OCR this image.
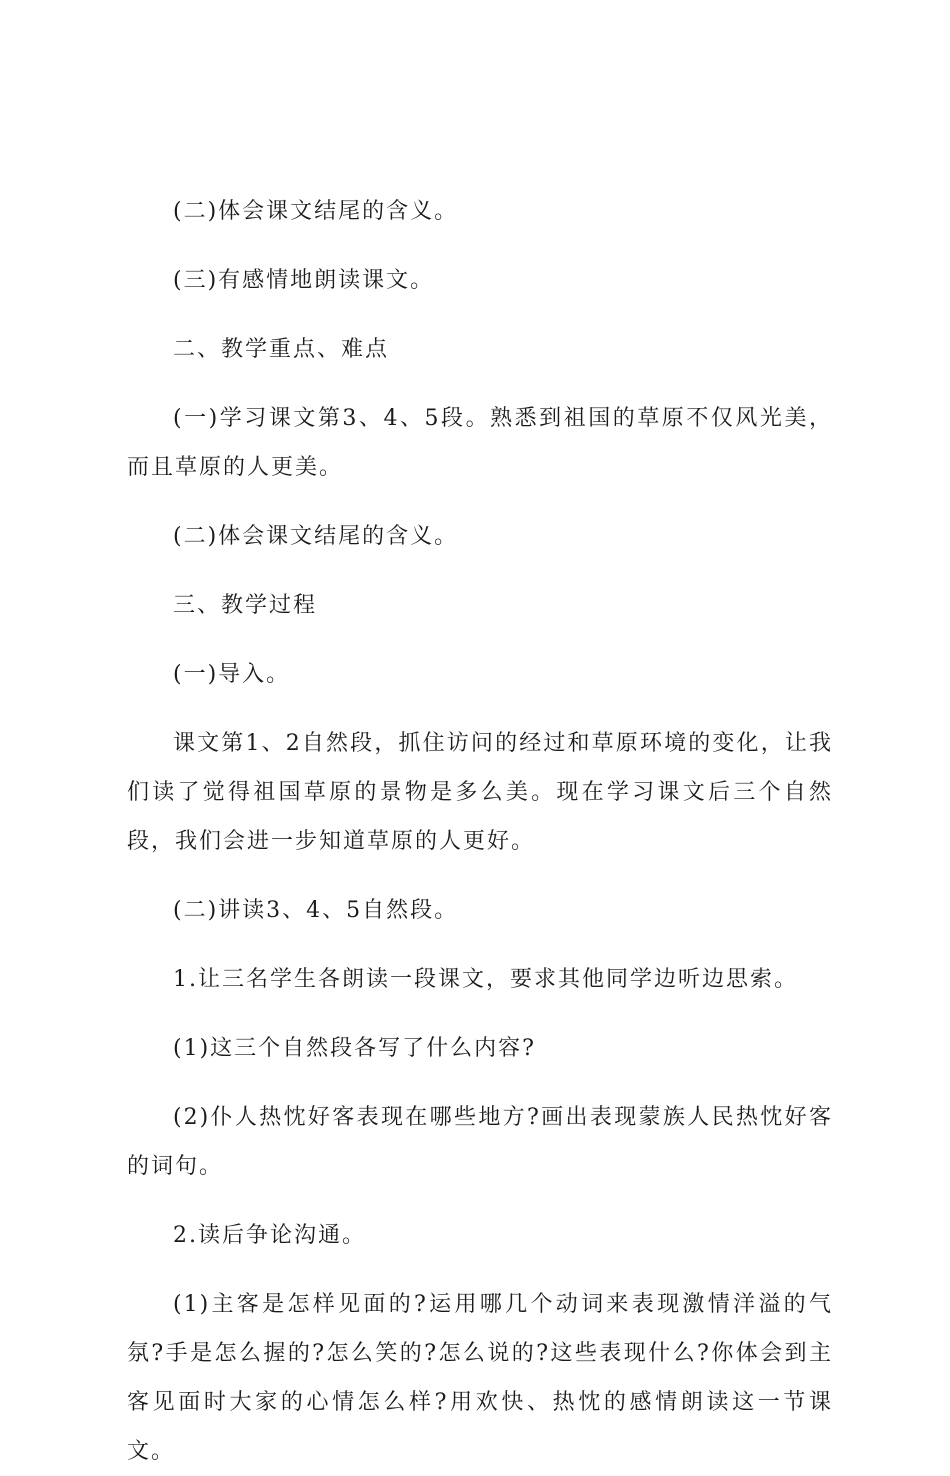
(二)体会课文结尾的含义。

(三)有感情地朗读课文。

二、教学重点、难点

(一)学习课文第3、4、5段。熟悉到祖国的草原不仅风光美，而且草原的人更美。

(二)体会课文结尾的含义。

三、教学过程

(一)导入。

课文第1、2自然段，抓住访问的经过和草原环境的变化，让我们读了觉得祖国草原的景物是多么美。现在学习课文后三个自然段，我们会进一步知道草原的人更好。

(二)讲读3、4、5自然段。

1.让三名学生各朗读一段课文，要求其他同学边听边思索。

(1)这三个自然段各写了什么内容?

(2)仆人热忱好客表现在哪些地方?画出表现蒙族人民热忱好客的词句。

2.读后争论沟通。

(1)主客是怎样见面的?运用哪几个动词来表现激情洋溢的气氛?手是怎么握的?怎么笑的?怎么说的?这些表现什么?你体会到主客见面时大家的心情怎么样?用欢快、热忱的感情朗读这一节课文。
